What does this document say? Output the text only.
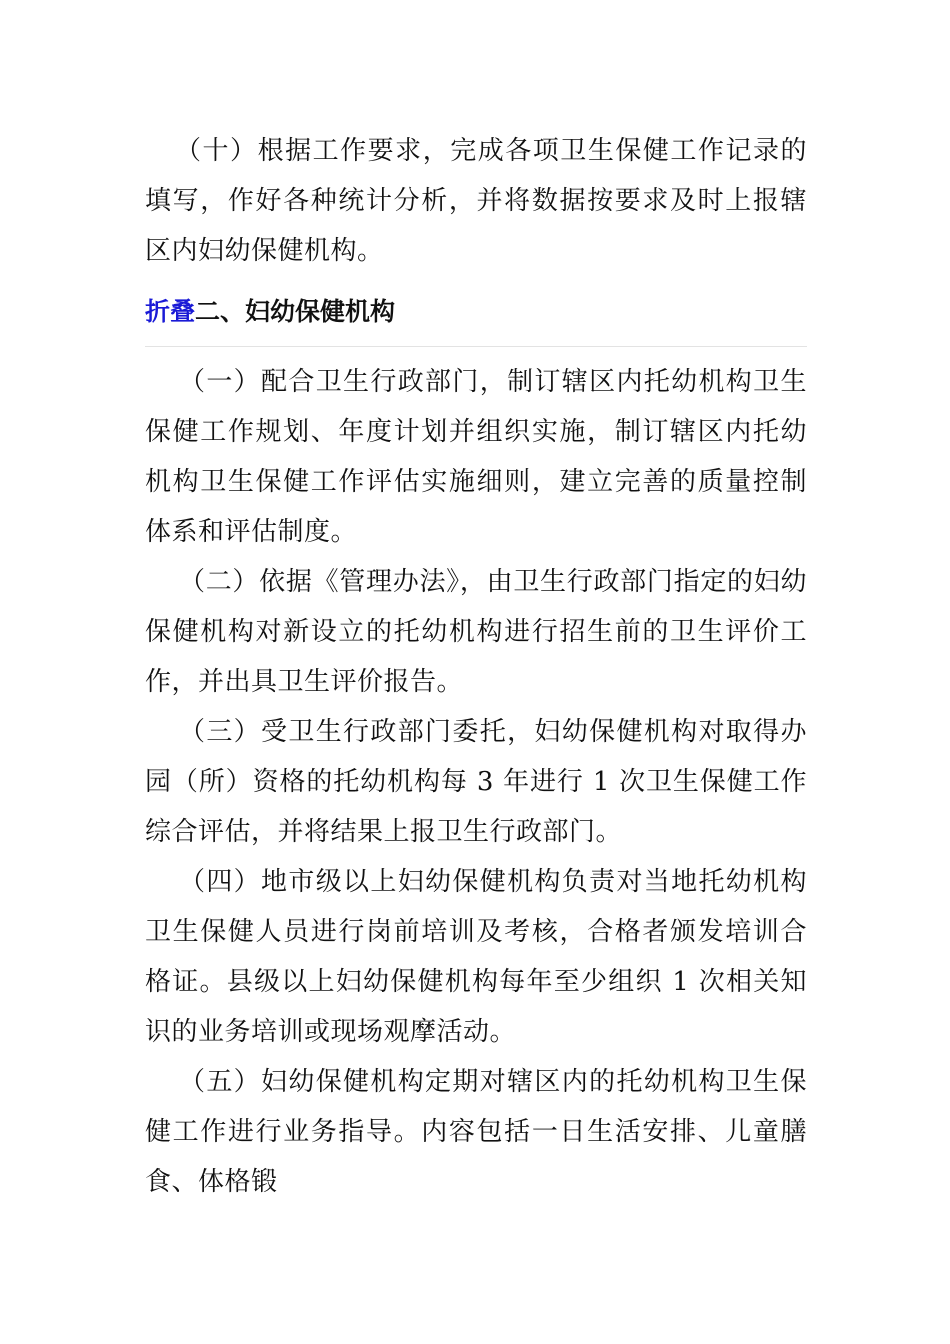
（十）根据工作要求，完成各项卫生保健工作记录的填写，作好各种统计分析，并将数据按要求及时上报辖区内妇幼保健机构。

折叠二、妇幼保健机构

（一）配合卫生行政部门，制订辖区内托幼机构卫生保健工作规划、年度计划并组织实施，制订辖区内托幼机构卫生保健工作评估实施细则，建立完善的质量控制体系和评估制度。

（二）依据《管理办法》，由卫生行政部门指定的妇幼保健机构对新设立的托幼机构进行招生前的卫生评价工作，并出具卫生评价报告。

（三）受卫生行政部门委托，妇幼保健机构对取得办园（所）资格的托幼机构每 3 年进行 1 次卫生保健工作综合评估，并将结果上报卫生行政部门。

（四）地市级以上妇幼保健机构负责对当地托幼机构卫生保健人员进行岗前培训及考核，合格者颁发培训合格证。县级以上妇幼保健机构每年至少组织 1 次相关知识的业务培训或现场观摩活动。

（五）妇幼保健机构定期对辖区内的托幼机构卫生保健工作进行业务指导。内容包括一日生活安排、儿童膳食、体格锻
